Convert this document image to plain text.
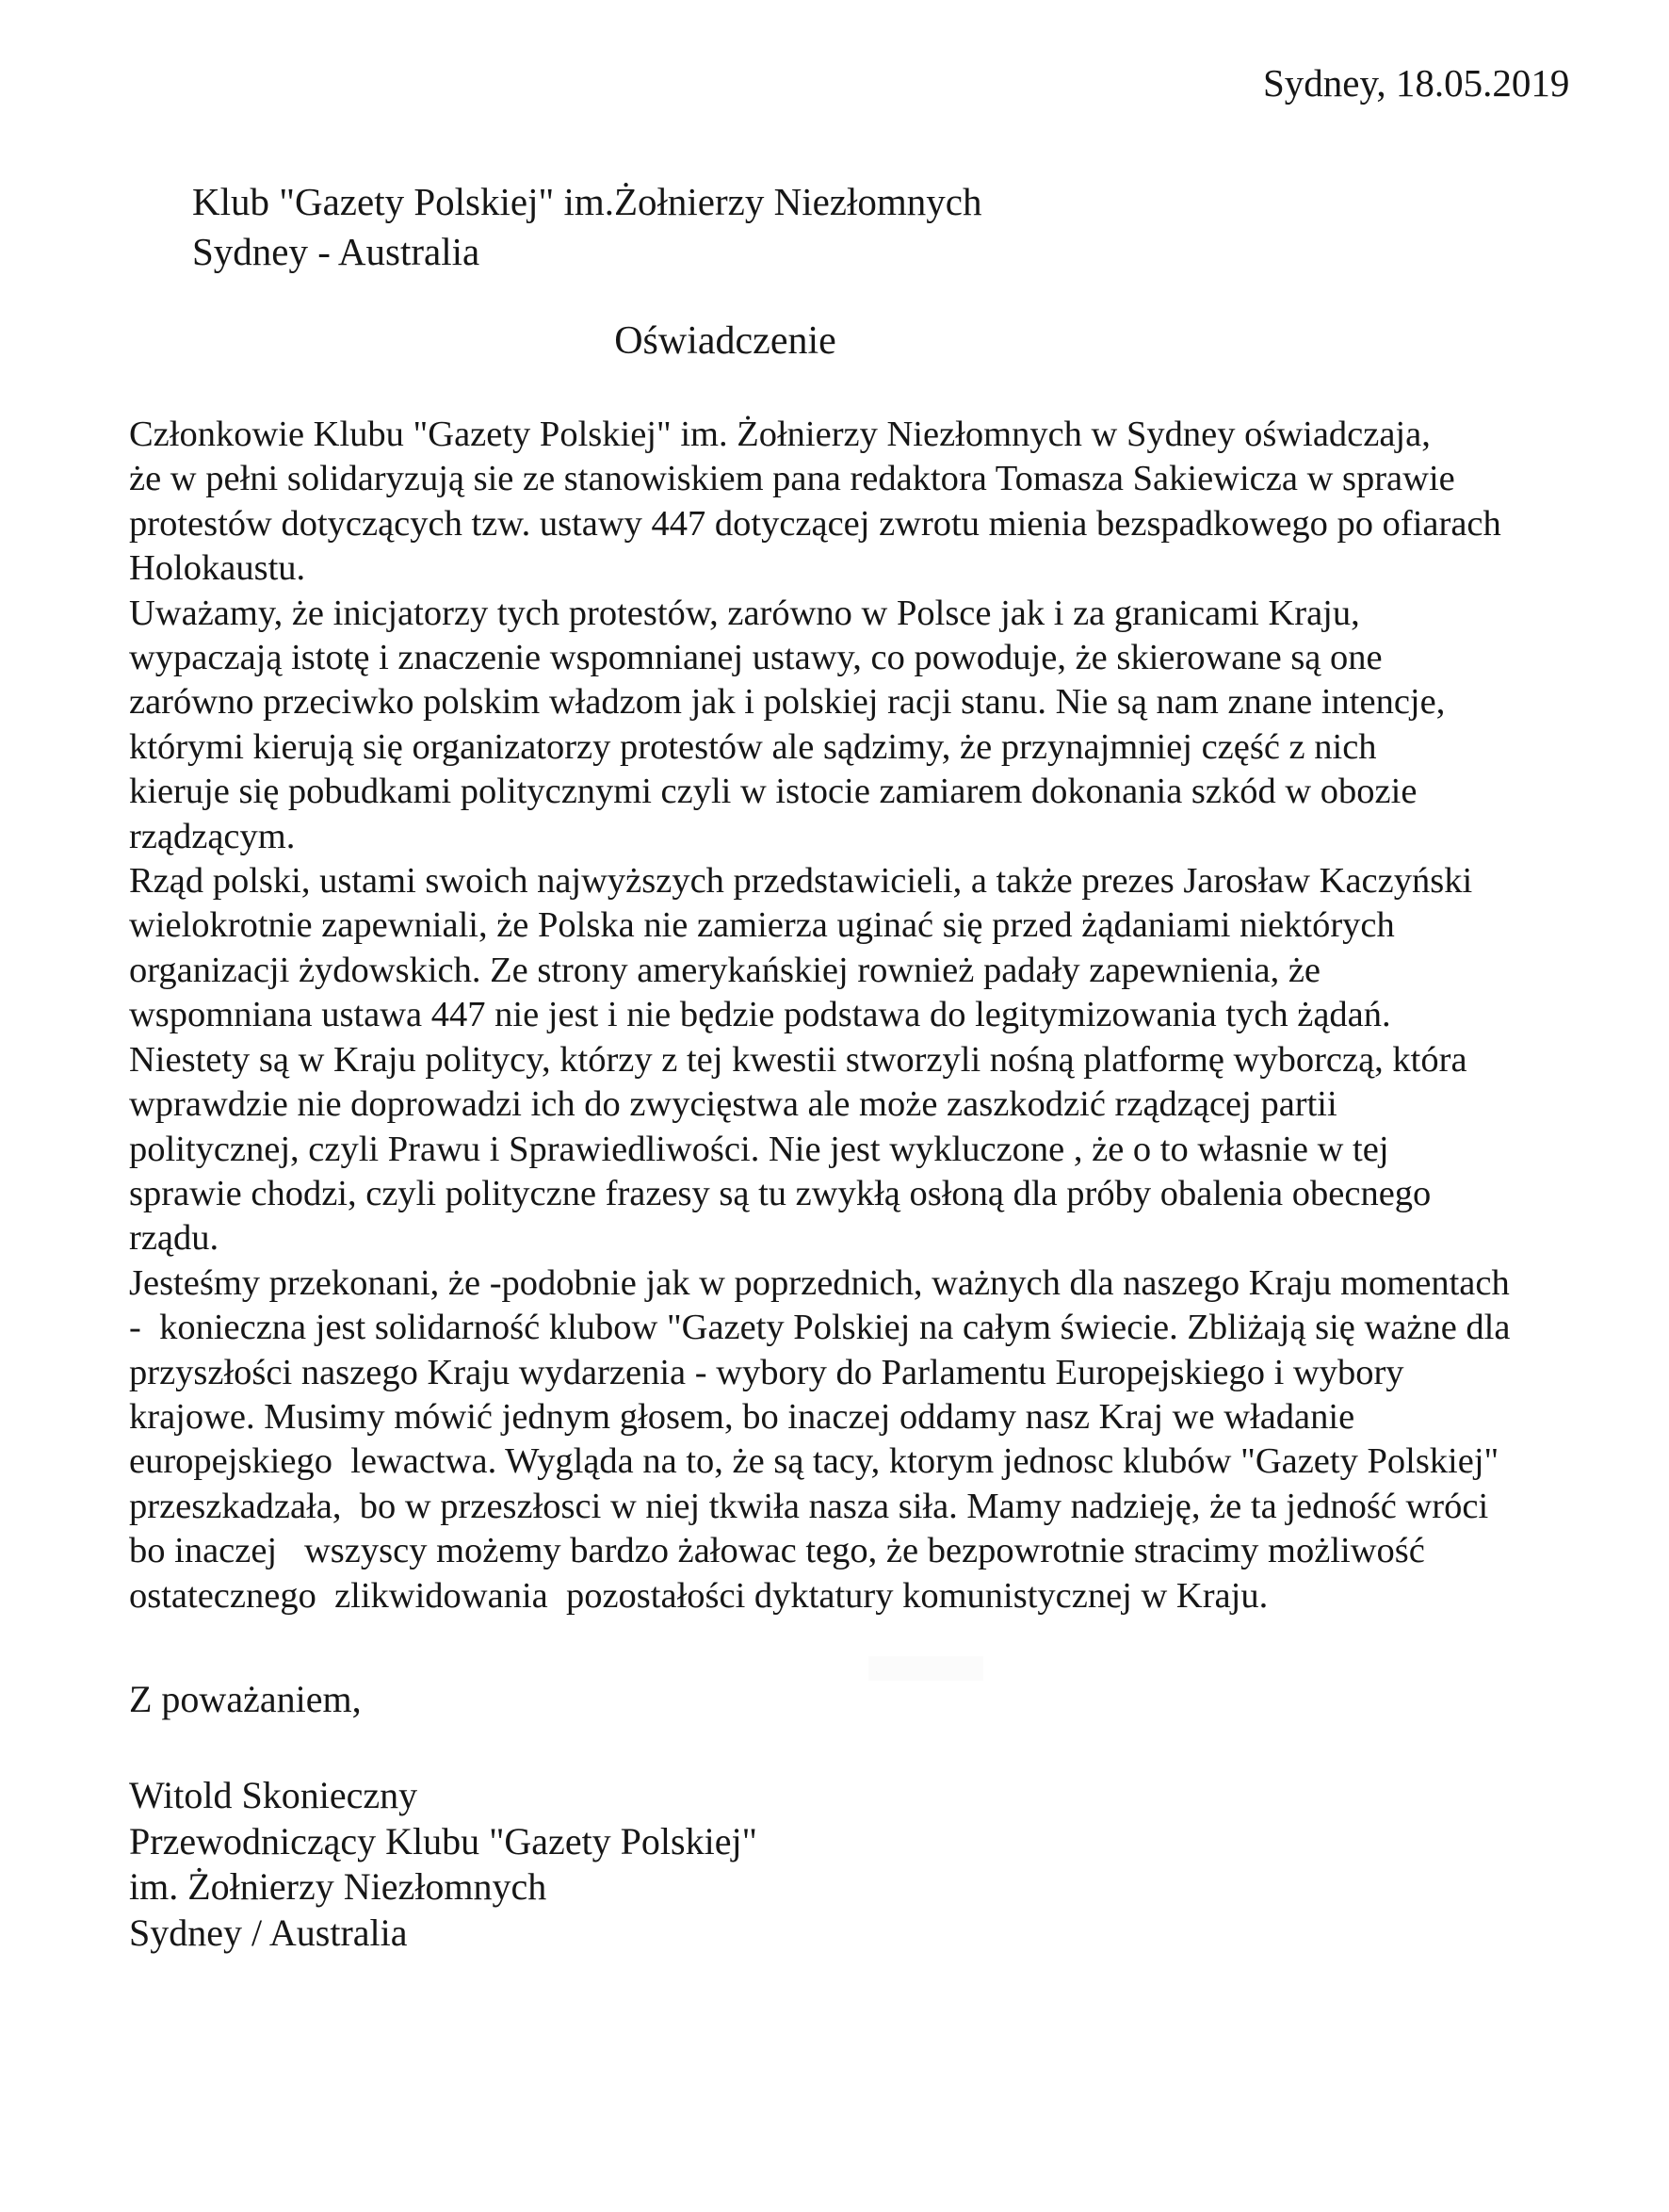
Sydney, 18.05.2019
Klub "Gazety Polskiej" im.Żołnierzy Niezłomnych
Sydney - Australia
Oświadczenie
Członkowie Klubu "Gazety Polskiej" im. Żołnierzy Niezłomnych w Sydney oświadczaja,
że w pełni solidaryzują sie ze stanowiskiem pana redaktora Tomasza Sakiewicza w sprawie
protestów dotyczących tzw. ustawy 447 dotyczącej zwrotu mienia bezspadkowego po ofiarach
Holokaustu.
Uważamy, że inicjatorzy tych protestów, zarówno w Polsce jak i za granicami Kraju,
wypaczają istotę i znaczenie wspomnianej ustawy, co powoduje, że skierowane są one
zarówno przeciwko polskim władzom jak i polskiej racji stanu. Nie są nam znane intencje,
którymi kierują się organizatorzy protestów ale sądzimy, że przynajmniej część z nich
kieruje się pobudkami politycznymi czyli w istocie zamiarem dokonania szkód w obozie
rządzącym.
Rząd polski, ustami swoich najwyższych przedstawicieli, a także prezes Jarosław Kaczyński
wielokrotnie zapewniali, że Polska nie zamierza uginać się przed żądaniami niektórych
organizacji żydowskich. Ze strony amerykańskiej rownież padały zapewnienia, że
wspomniana ustawa 447 nie jest i nie będzie podstawa do legitymizowania tych żądań.
Niestety są w Kraju politycy, którzy z tej kwestii stworzyli nośną platformę wyborczą, która
wprawdzie nie doprowadzi ich do zwycięstwa ale może zaszkodzić rządzącej partii
politycznej, czyli Prawu i Sprawiedliwości. Nie jest wykluczone , że o to własnie w tej
sprawie chodzi, czyli polityczne frazesy są tu zwykłą osłoną dla próby obalenia obecnego
rządu.
Jesteśmy przekonani, że -podobnie jak w poprzednich, ważnych dla naszego Kraju momentach
-  konieczna jest solidarność klubow "Gazety Polskiej na całym świecie. Zbliżają się ważne dla
przyszłości naszego Kraju wydarzenia - wybory do Parlamentu Europejskiego i wybory
krajowe. Musimy mówić jednym głosem, bo inaczej oddamy nasz Kraj we władanie
europejskiego  lewactwa. Wygląda na to, że są tacy, ktorym jednosc klubów "Gazety Polskiej"
przeszkadzała,  bo w przeszłosci w niej tkwiła nasza siła. Mamy nadzieję, że ta jedność wróci
bo inaczej   wszyscy możemy bardzo żałowac tego, że bezpowrotnie stracimy możliwość
ostatecznego  zlikwidowania  pozostałości dyktatury komunistycznej w Kraju.
Z poważaniem,
Witold Skonieczny
Przewodniczący Klubu "Gazety Polskiej"
im. Żołnierzy Niezłomnych
Sydney / Australia
